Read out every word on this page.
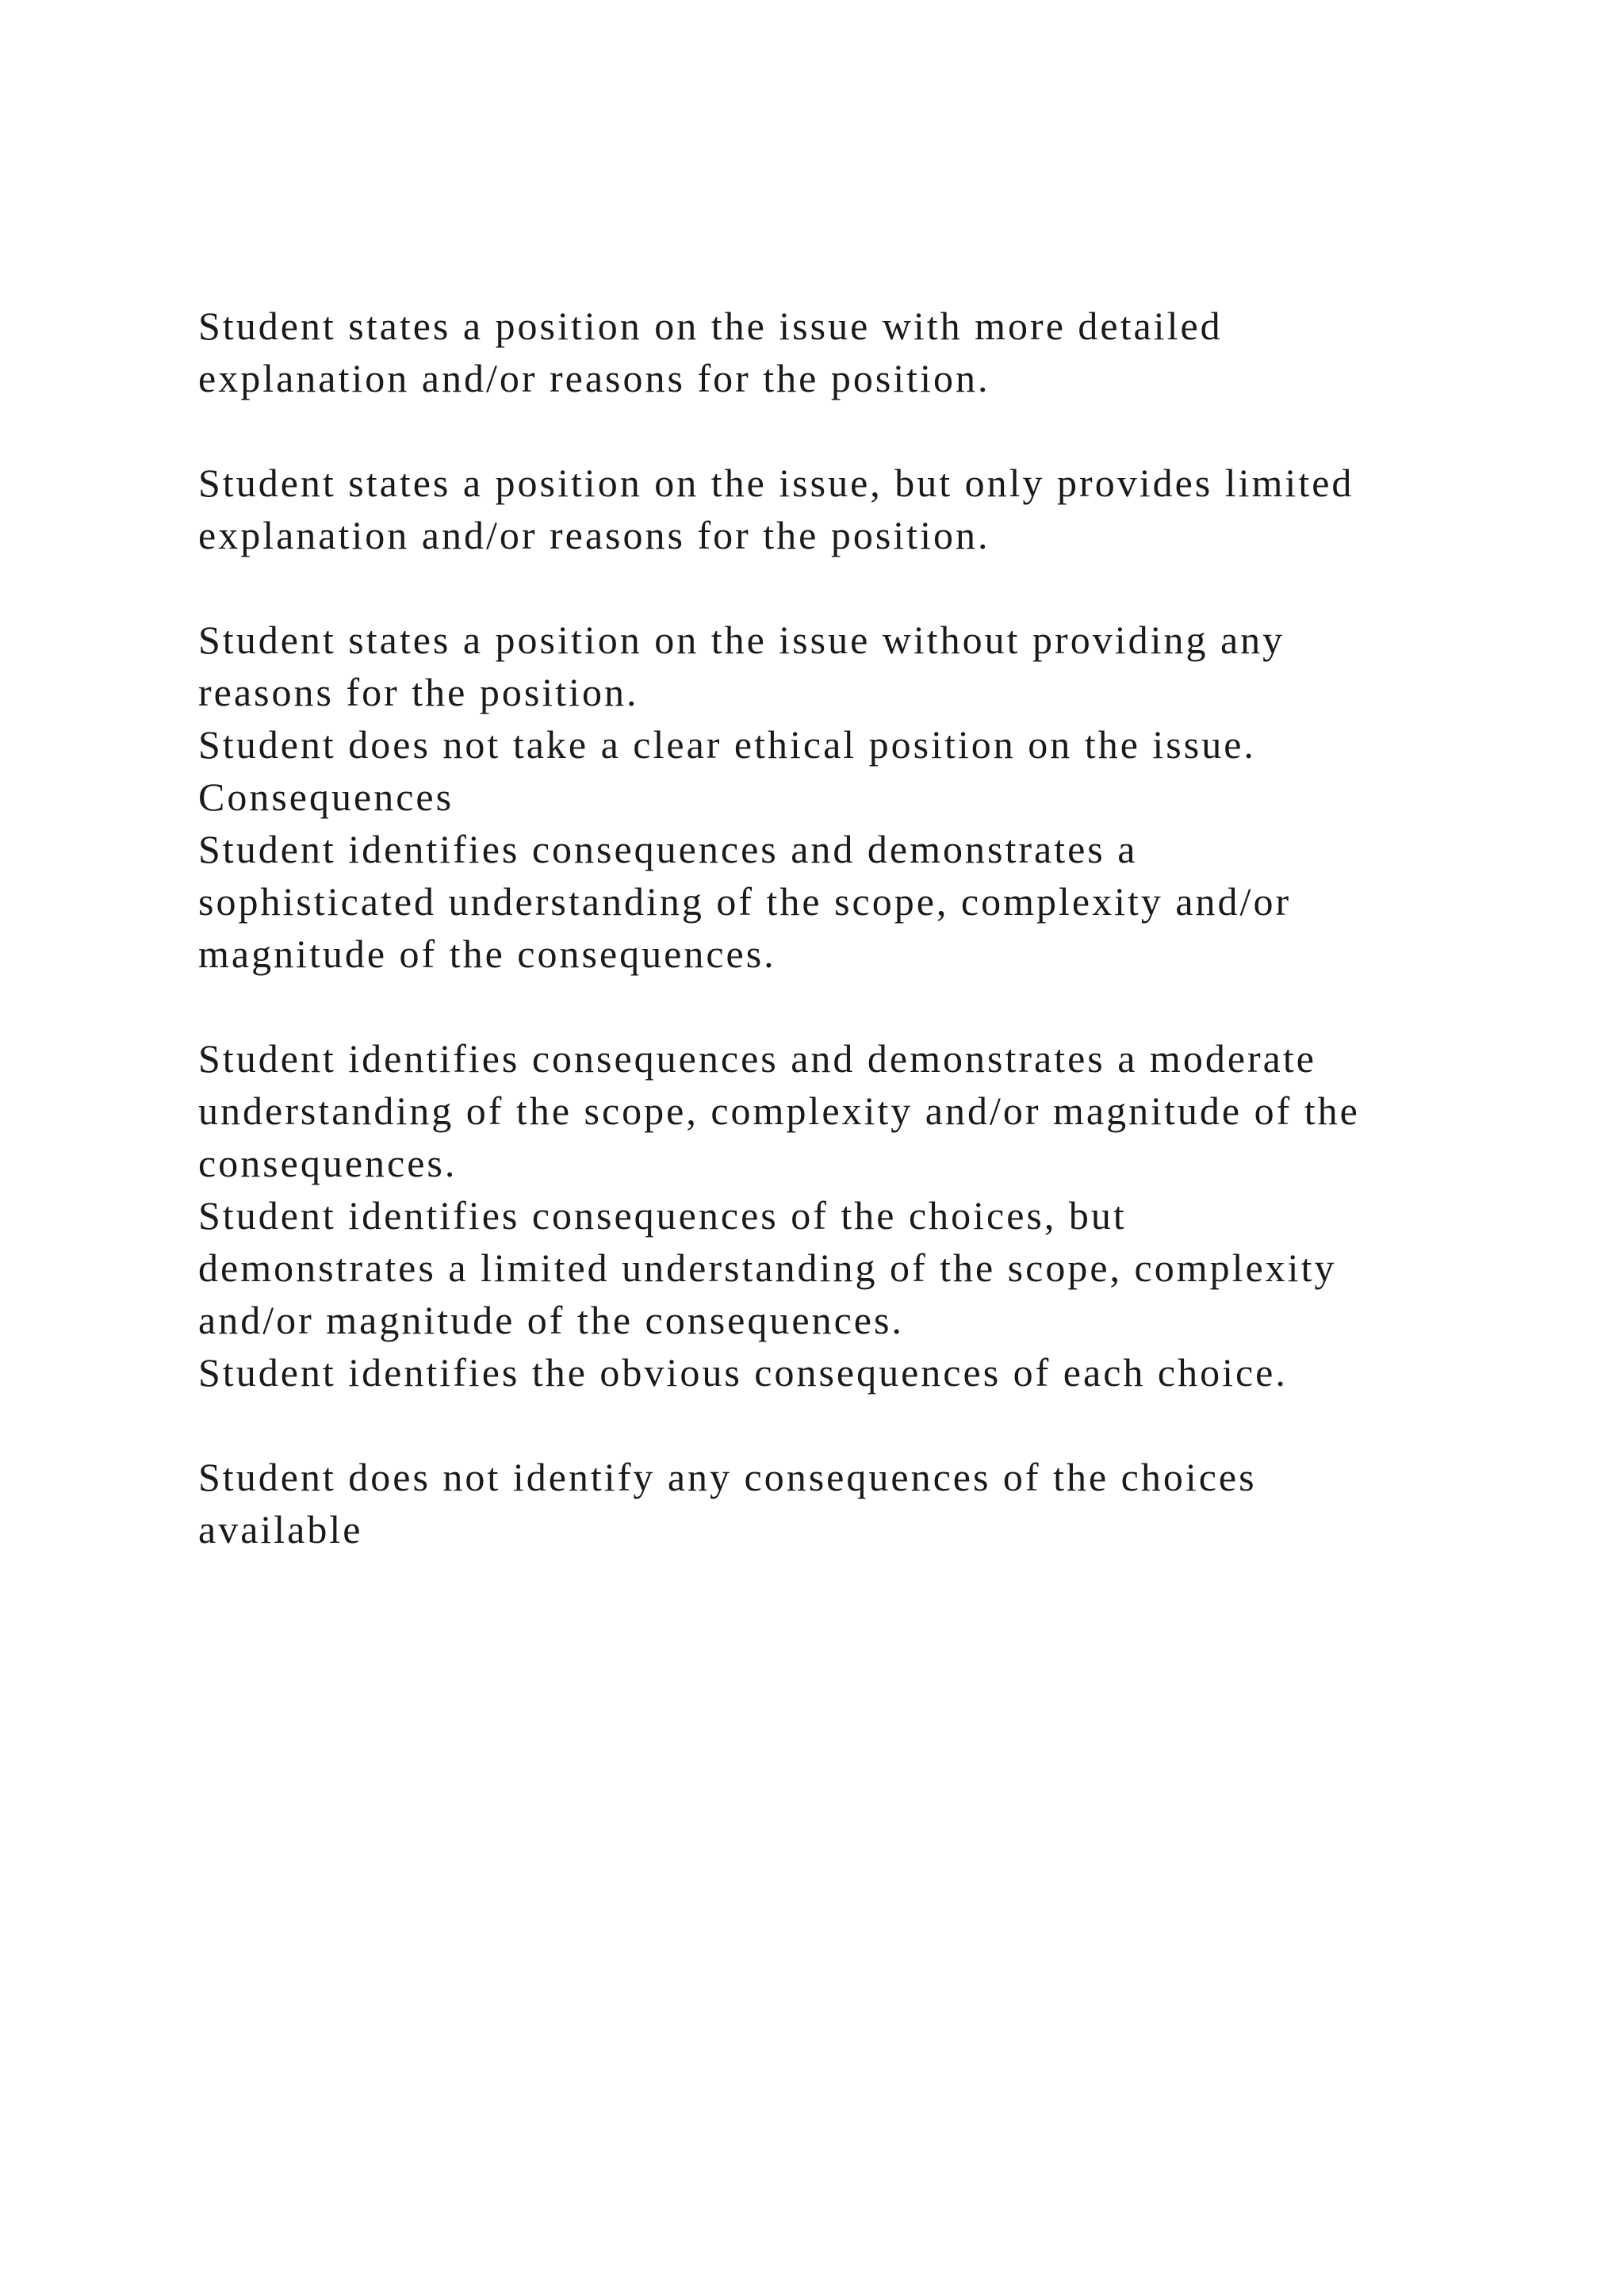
Student states a position on the issue with more detailed
explanation and/or reasons for the position.
Student states a position on the issue, but only provides limited
explanation and/or reasons for the position.
Student states a position on the issue without providing any
reasons for the position.
Student does not take a clear ethical position on the issue.
Consequences
Student identifies consequences and demonstrates a
sophisticated understanding of the scope, complexity and/or
magnitude of the consequences.
Student identifies consequences and demonstrates a moderate
understanding of the scope, complexity and/or magnitude of the
consequences.
Student identifies consequences of the choices, but
demonstrates a limited understanding of the scope, complexity
and/or magnitude of the consequences.
Student identifies the obvious consequences of each choice.
Student does not identify any consequences of the choices
available
